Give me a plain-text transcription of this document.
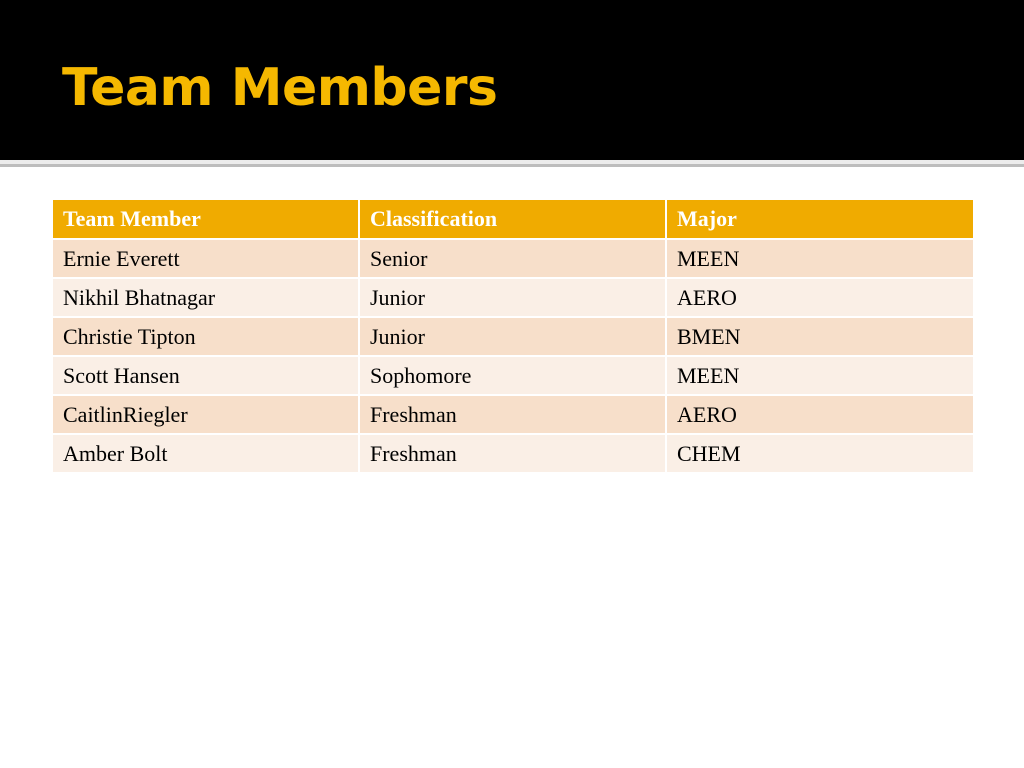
Team Members
Team Member	Classification	Major
Ernie Everett	Senior	MEEN
Nikhil Bhatnagar	Junior	AERO
Christie Tipton	Junior	BMEN
Scott Hansen	Sophomore	MEEN
CaitlinRiegler	Freshman	AERO
Amber Bolt	Freshman	CHEM
